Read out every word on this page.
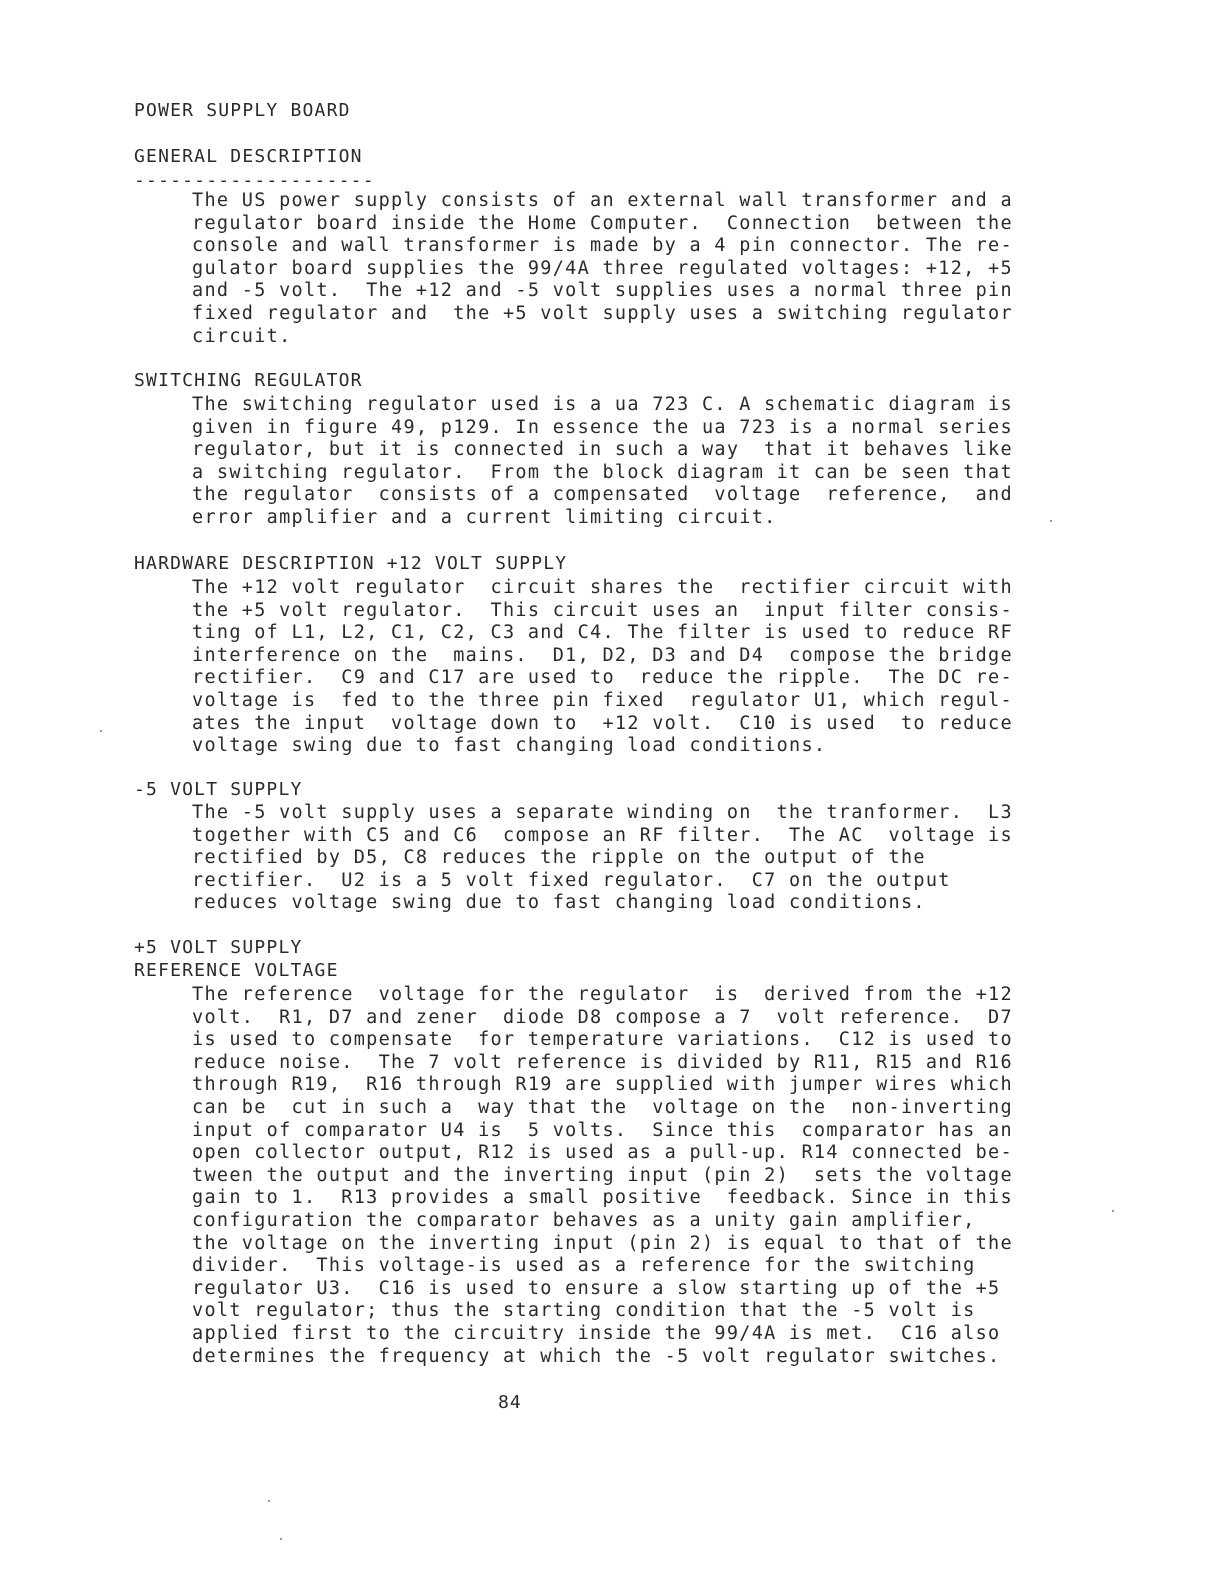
POWER SUPPLY BOARD
GENERAL DESCRIPTION
--------------------
The US power supply consists of an external wall transformer and a
regulator board inside the Home Computer.  Connection  between the
console and wall transformer is made by a 4 pin connector. The re-
gulator board supplies the 99/4A three regulated voltages: +12, +5
and -5 volt.  The +12 and -5 volt supplies uses a normal three pin
fixed regulator and  the +5 volt supply uses a switching regulator
circuit.
SWITCHING REGULATOR
The switching regulator used is a ua 723 C. A schematic diagram is
given in figure 49, p129. In essence the ua 723 is a normal series
regulator, but it is connected in such a way  that it behaves like
a switching regulator.  From the block diagram it can be seen that
the regulator  consists of a compensated  voltage  reference,  and
error amplifier and a current limiting circuit.
HARDWARE DESCRIPTION +12 VOLT SUPPLY
The +12 volt regulator  circuit shares the  rectifier circuit with
the +5 volt regulator.  This circuit uses an  input filter consis-
ting of L1, L2, C1, C2, C3 and C4. The filter is used to reduce RF
interference on the  mains.  D1, D2, D3 and D4  compose the bridge
rectifier.  C9 and C17 are used to  reduce the ripple.  The DC re-
voltage is  fed to the three pin fixed  regulator U1, which regul-
ates the input  voltage down to  +12 volt.  C10 is used  to reduce
voltage swing due to fast changing load conditions.
-5 VOLT SUPPLY
The -5 volt supply uses a separate winding on  the tranformer.  L3
together with C5 and C6  compose an RF filter.  The AC  voltage is
rectified by D5, C8 reduces the ripple on the output of the
rectifier.  U2 is a 5 volt fixed regulator.  C7 on the output
reduces voltage swing due to fast changing load conditions.
+5 VOLT SUPPLY
REFERENCE VOLTAGE
The reference  voltage for the regulator  is  derived from the +12
volt.  R1, D7 and zener  diode D8 compose a 7  volt reference.  D7
is used to compensate  for temperature variations.  C12 is used to
reduce noise.  The 7 volt reference is divided by R11, R15 and R16
through R19,  R16 through R19 are supplied with jumper wires which
can be  cut in such a  way that the  voltage on the  non-inverting
input of comparator U4 is  5 volts.  Since this  comparator has an
open collector output, R12 is used as a pull-up. R14 connected be-
tween the output and the inverting input (pin 2)  sets the voltage
gain to 1.  R13 provides a small positive  feedback. Since in this
configuration the comparator behaves as a unity gain amplifier,
the voltage on the inverting input (pin 2) is equal to that of the
divider.  This voltage-is used as a reference for the switching
regulator U3.  C16 is used to ensure a slow starting up of the +5
volt regulator; thus the starting condition that the -5 volt is
applied first to the circuitry inside the 99/4A is met.  C16 also
determines the frequency at which the -5 volt regulator switches.
84
